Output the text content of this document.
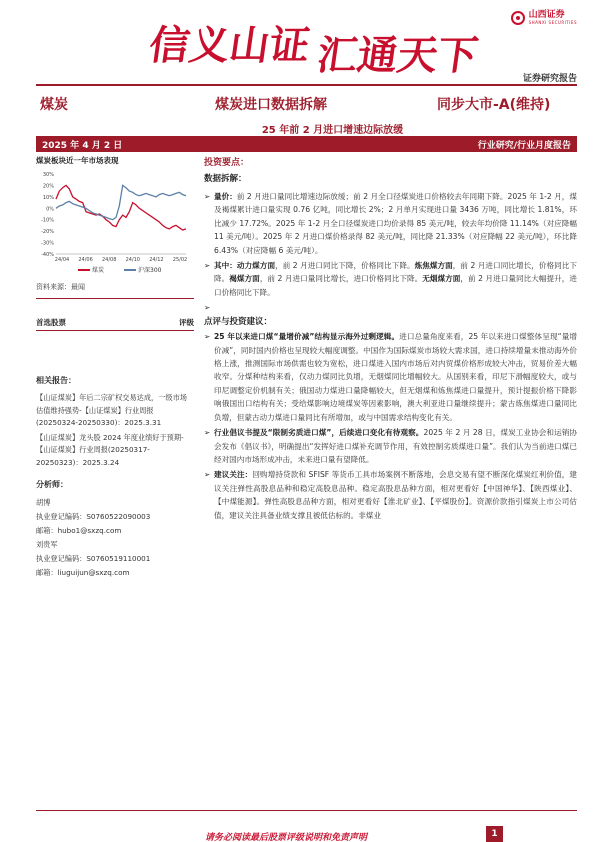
信义山证 汇通天下
山西证券
SHANXI SECURITIES
证券研究报告
煤炭	煤炭进口数据拆解	同步大市-A(维持)
25 年前 2 月进口增速边际放缓
2025 年 4 月 2 日	行业研究/行业月度报告
煤炭板块近一年市场表现
-40%
-30%
-20%
-10%
0%
10%
20%
30%
24/04 24/06 24/08 24/10 24/12 25/02
煤炭	沪深300
资料来源：最闻
首选股票	评级
相关报告：
【山证煤炭】年后二宗矿权交易达成，一级市场估值维持强势-【山证煤炭】行业周报(20250324-20250330)：2025.3.31
【山证煤炭】龙头股 2024 年度业绩好于预期-【山证煤炭】行业周报(20250317-20250323)：2025.3.24
分析师：
胡博
执业登记编码：S0760522090003
邮箱：hubo1@sxzq.com
刘贵军
执业登记编码：S0760519110001
邮箱：liuguijun@sxzq.com
投资要点：
数据拆解：
➢ 量价：前 2 月进口量同比增速边际放缓；前 2 月全口径煤炭进口价格较去年同期下降。2025 年 1-2 月，煤及褐煤累计进口量实现 0.76 亿吨，同比增长 2%；2 月单月实现进口量 3436 万吨，同比增长 1.81%，环比减少 17.72%。2025 年 1-2 月全口径煤炭进口均价录得 85 美元/吨，较去年均价降 11.14%（对应降幅 11 美元/吨）。2025 年 2 月进口煤价格录得 82 美元/吨，同比降 21.33%（对应降幅 22 美元/吨），环比降 6.43%（对应降幅 6 美元/吨）。
➢ 其中：动力煤方面，前 2 月进口同比下降，价格同比下降。炼焦煤方面，前 2 月进口同比增长，价格同比下降。褐煤方面，前 2 月进口量同比增长，进口价格同比下降。无烟煤方面，前 2 月进口量同比大幅提升，进口价格同比下降。
➢
点评与投资建议：
➢ 25 年以来进口煤“量增价减”结构显示海外过剩逻辑。进口总量角度来看，25 年以来进口煤整体呈现“量增价减”，同时国内价格也呈现较大幅度调整。中国作为国际煤炭市场较大需求国，进口持续增量未推动海外价格上涨，推测国际市场供需也较为宽松，进口煤进入国内市场后对内贸煤价格形成较大冲击，贸易价差大幅收窄。分煤种结构来看，仅动力煤同比负增，无烟煤同比增幅较大。从国别来看，印尼下滑幅度较大，或与印尼调整定价机制有关；俄国动力煤进口量降幅较大，但无烟煤和炼焦煤进口量提升，预计提振价格下降影响俄国出口结构有关；受给煤影响边境煤炭等因素影响，澳大利亚进口量继续提升；蒙古炼焦煤进口量同比负增，但蒙古动力煤进口量同比有所增加，或与中国需求结构变化有关。
➢ 行业倡议书提及“限制劣质进口煤”，后续进口变化有待观察。2025 年 2 月 28 日，煤炭工业协会和运销协会发布《倡议书》，明确提出“发挥好进口煤补充调节作用，有效控制劣质煤进口量”。我们认为当前进口煤已经对国内市场形成冲击，未来进口量有望降低。
➢ 建议关注：回购增持贷款和 SFISF 等货币工具市场案例不断落地，会息交易有望不断深化煤炭红利价值，建议关注弹性高股息品种和稳定高股息品种。稳定高股息品种方面，相对更看好【中国神华】、【陕西煤业】、【中煤能源】。弹性高股息品种方面，相对更看好【淮北矿业】、【平煤股份】。资源价款指引煤炭上市公司估值，建议关注具备业绩支撑且被低估标的。非煤业
请务必阅读最后股票评级说明和免责声明	1
